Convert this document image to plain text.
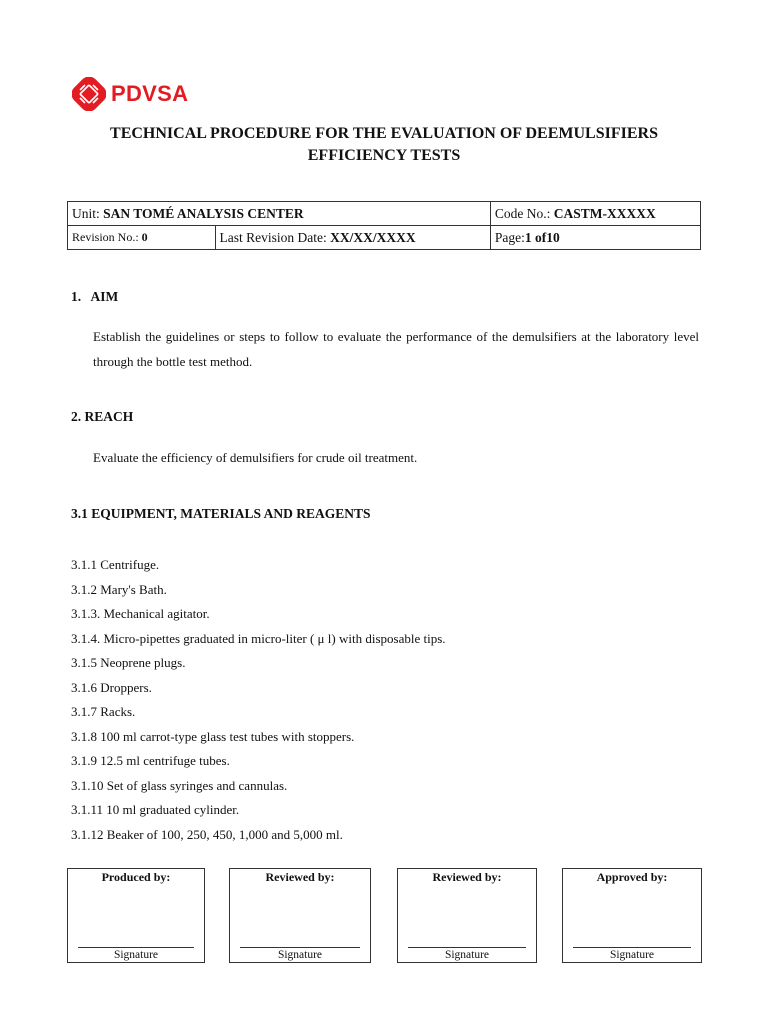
PDVSA
TECHNICAL PROCEDURE FOR THE EVALUATION OF DEEMULSIFIERS
EFFICIENCY TESTS
Unit: SAN TOMÉ ANALYSIS CENTER		Code No.: CASTM-XXXXX
Revision No.: 0	Last Revision Date: XX/XX/XXXX	Page:1 of10
1.   AIM
Establish the guidelines or steps to follow to evaluate the performance of the demulsifiers at the laboratory level through the bottle test method.
2. REACH
Evaluate the efficiency of demulsifiers for crude oil treatment.
3.1 EQUIPMENT, MATERIALS AND REAGENTS
3.1.1 Centrifuge.
3.1.2 Mary's Bath.
3.1.3. Mechanical agitator.
3.1.4. Micro-pipettes graduated in micro-liter ( μ l) with disposable tips.
3.1.5 Neoprene plugs.
3.1.6 Droppers.
3.1.7 Racks.
3.1.8 100 ml carrot-type glass test tubes with stoppers.
3.1.9 12.5 ml centrifuge tubes.
3.1.10 Set of glass syringes and cannulas.
3.1.11 10 ml graduated cylinder.
3.1.12 Beaker of 100, 250, 450, 1,000 and 5,000 ml.
Produced by:
Signature
Reviewed by:
Signature
Reviewed by:
Signature
Approved by:
Signature
